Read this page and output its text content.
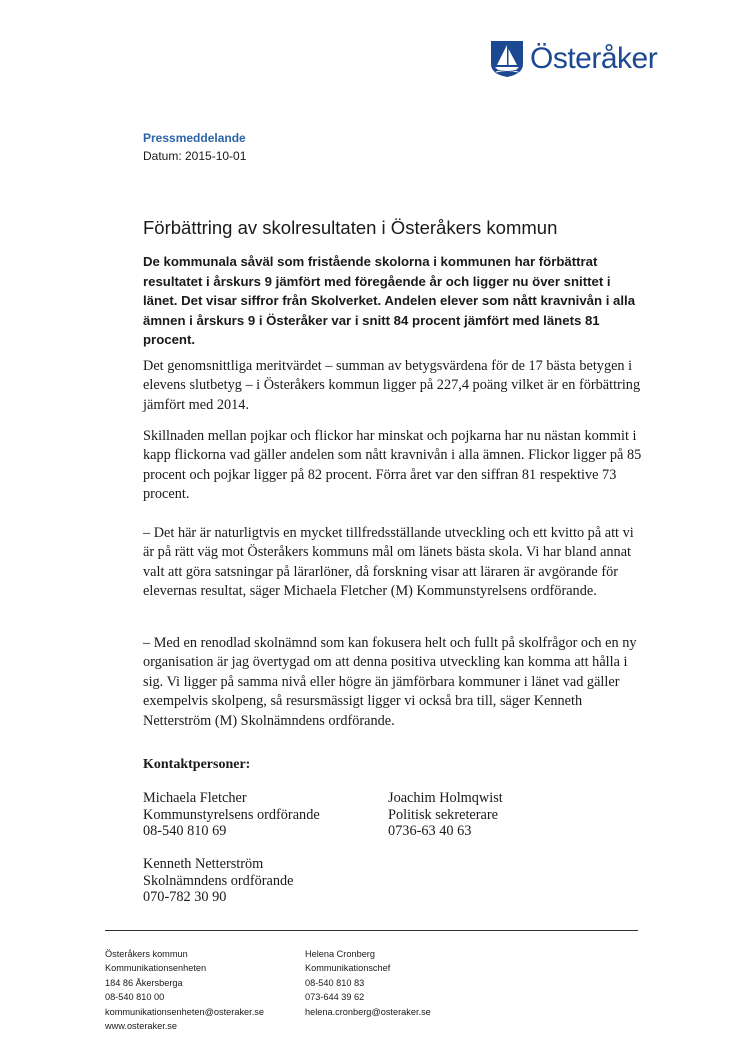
Österåker
Pressmeddelande
Datum: 2015-10-01
Förbättring av skolresultaten i Österåkers kommun

De kommunala såväl som fristående skolorna i kommunen har förbättrat resultatet i årskurs 9 jämfört med föregående år och ligger nu över snittet i länet. Det visar siffror från Skolverket. Andelen elever som nått kravnivån i alla ämnen i årskurs 9 i Österåker var i snitt 84 procent jämfört med länets 81 procent.

Det genomsnittliga meritvärdet – summan av betygsvärdena för de 17 bästa betygen i elevens slutbetyg – i Österåkers kommun ligger på 227,4 poäng vilket är en förbättring jämfört med 2014.

Skillnaden mellan pojkar och flickor har minskat och pojkarna har nu nästan kommit i kapp flickorna vad gäller andelen som nått kravnivån i alla ämnen. Flickor ligger på 85 procent och pojkar ligger på 82 procent. Förra året var den siffran 81 respektive 73 procent.

– Det här är naturligtvis en mycket tillfredsställande utveckling och ett kvitto på att vi är på rätt väg mot Österåkers kommuns mål om länets bästa skola. Vi har bland annat valt att göra satsningar på lärarlöner, då forskning visar att läraren är avgörande för elevernas resultat, säger Michaela Fletcher (M) Kommunstyrelsens ordförande.

– Med en renodlad skolnämnd som kan fokusera helt och fullt på skolfrågor och en ny organisation är jag övertygad om att denna positiva utveckling kan komma att hålla i sig. Vi ligger på samma nivå eller högre än jämförbara kommuner i länet vad gäller exempelvis skolpeng, så resursmässigt ligger vi också bra till, säger Kenneth Netterström (M) Skolnämndens ordförande.

Kontaktpersoner:
Michaela Fletcher
Kommunstyrelsens ordförande
08-540 810 69
Joachim Holmqwist
Politisk sekreterare
0736-63 40 63
Kenneth Netterström
Skolnämndens ordförande
070-782 30 90
Österåkers kommun
Kommunikationsenheten
184 86 Åkersberga
08-540 810 00
kommunikationsenheten@osteraker.se
www.osteraker.se
Helena Cronberg
Kommunikationschef
08-540 810 83
073-644 39 62
helena.cronberg@osteraker.se
